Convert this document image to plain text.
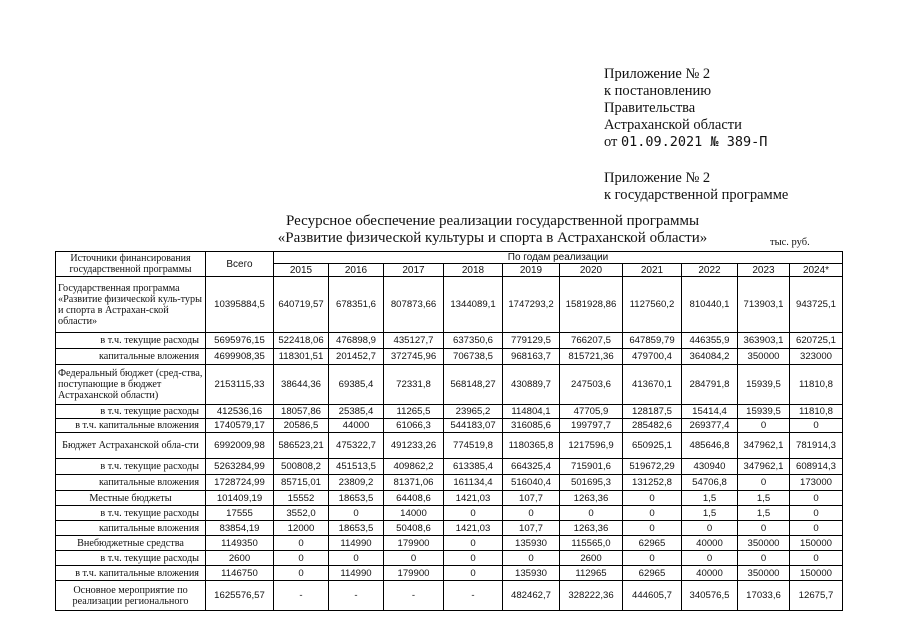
Приложение № 2
к постановлению
Правительства
Астраханской области
от 01.09.2021 № 389-П
Приложение № 2
к государственной программе
Ресурсное обеспечение реализации государственной программы
«Развитие физической культуры и спорта в Астраханской области»	тыс. руб.
Источники финансирования государственной программы	Всего	По годам реализации									
		2015	2016	2017	2018	2019	2020	2021	2022	2023	2024*
Государственная программа «Развитие физической куль-туры и спорта в Астрахан-ской области»	10395884,5	640719,57	678351,6	807873,66	1344089,1	1747293,2	1581928,86	1127560,2	810440,1	713903,1	943725,1
в т.ч. текущие расходы	5695976,15	522418,06	476898,9	435127,7	637350,6	779129,5	766207,5	647859,79	446355,9	363903,1	620725,1
капитальные вложения	4699908,35	118301,51	201452,7	372745,96	706738,5	968163,7	815721,36	479700,4	364084,2	350000	323000
Федеральный бюджет (сред-ства, поступающие в бюджет Астраханской области)	2153115,33	38644,36	69385,4	72331,8	568148,27	430889,7	247503,6	413670,1	284791,8	15939,5	11810,8
в т.ч. текущие расходы	412536,16	18057,86	25385,4	11265,5	23965,2	114804,1	47705,9	128187,5	15414,4	15939,5	11810,8
в т.ч. капитальные вложения	1740579,17	20586,5	44000	61066,3	544183,07	316085,6	199797,7	285482,6	269377,4	0	0
Бюджет Астраханской обла-сти	6992009,98	586523,21	475322,7	491233,26	774519,8	1180365,8	1217596,9	650925,1	485646,8	347962,1	781914,3
в т.ч. текущие расходы	5263284,99	500808,2	451513,5	409862,2	613385,4	664325,4	715901,6	519672,29	430940	347962,1	608914,3
капитальные вложения	1728724,99	85715,01	23809,2	81371,06	161134,4	516040,4	501695,3	131252,8	54706,8	0	173000
Местные бюджеты	101409,19	15552	18653,5	64408,6	1421,03	107,7	1263,36	0	1,5	1,5	0
в т.ч. текущие расходы	17555	3552,0	0	14000	0	0	0	0	1,5	1,5	0
капитальные вложения	83854,19	12000	18653,5	50408,6	1421,03	107,7	1263,36	0	0	0	0
Внебюджетные средства	1149350	0	114990	179900	0	135930	115565,0	62965	40000	350000	150000
в т.ч. текущие расходы	2600	0	0	0	0	0	2600	0	0	0	0
в т.ч. капитальные вложения	1146750	0	114990	179900	0	135930	112965	62965	40000	350000	150000
Основное мероприятие по реализации регионального	1625576,57	-	-	-	-	482462,7	328222,36	444605,7	340576,5	17033,6	12675,7
